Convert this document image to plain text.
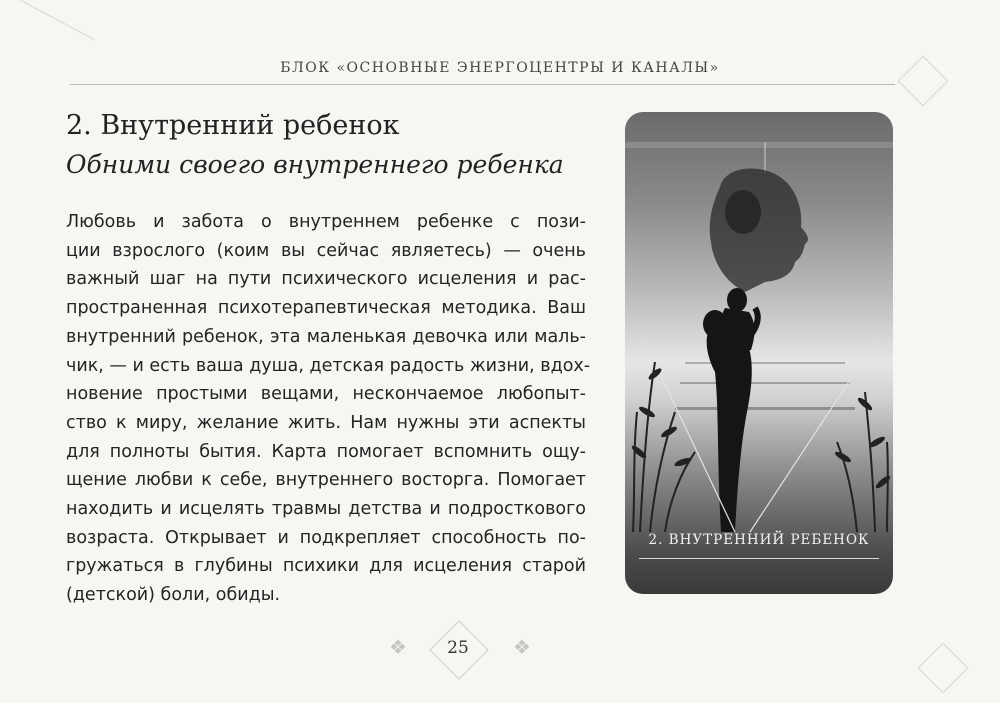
БЛОК «ОСНОВНЫЕ ЭНЕРГОЦЕНТРЫ И КАНАЛЫ»
2. Внутренний ребенок
Обними своего внутреннего ребенка
Любовь и забота о внутреннем ребенке с пози-
ции взрослого (коим вы сейчас являетесь) — очень
важный шаг на пути психического исцеления и рас-
пространенная психотерапевтическая методика. Ваш
внутренний ребенок, эта маленькая девочка или маль-
чик, — и есть ваша душа, детская радость жизни, вдох-
новение простыми вещами, нескончаемое любопыт-
ство к миру, желание жить. Нам нужны эти аспекты
для полноты бытия. Карта помогает вспомнить ощу-
щение любви к себе, внутреннего восторга. Помогает
находить и исцелять травмы детства и подросткового
возраста. Открывает и подкрепляет способность по-
гружаться в глубины психики для исцеления старой
(детской) боли, обиды.
2. ВНУТРЕННИЙ РЕБЕНОК
❖	25	❖
